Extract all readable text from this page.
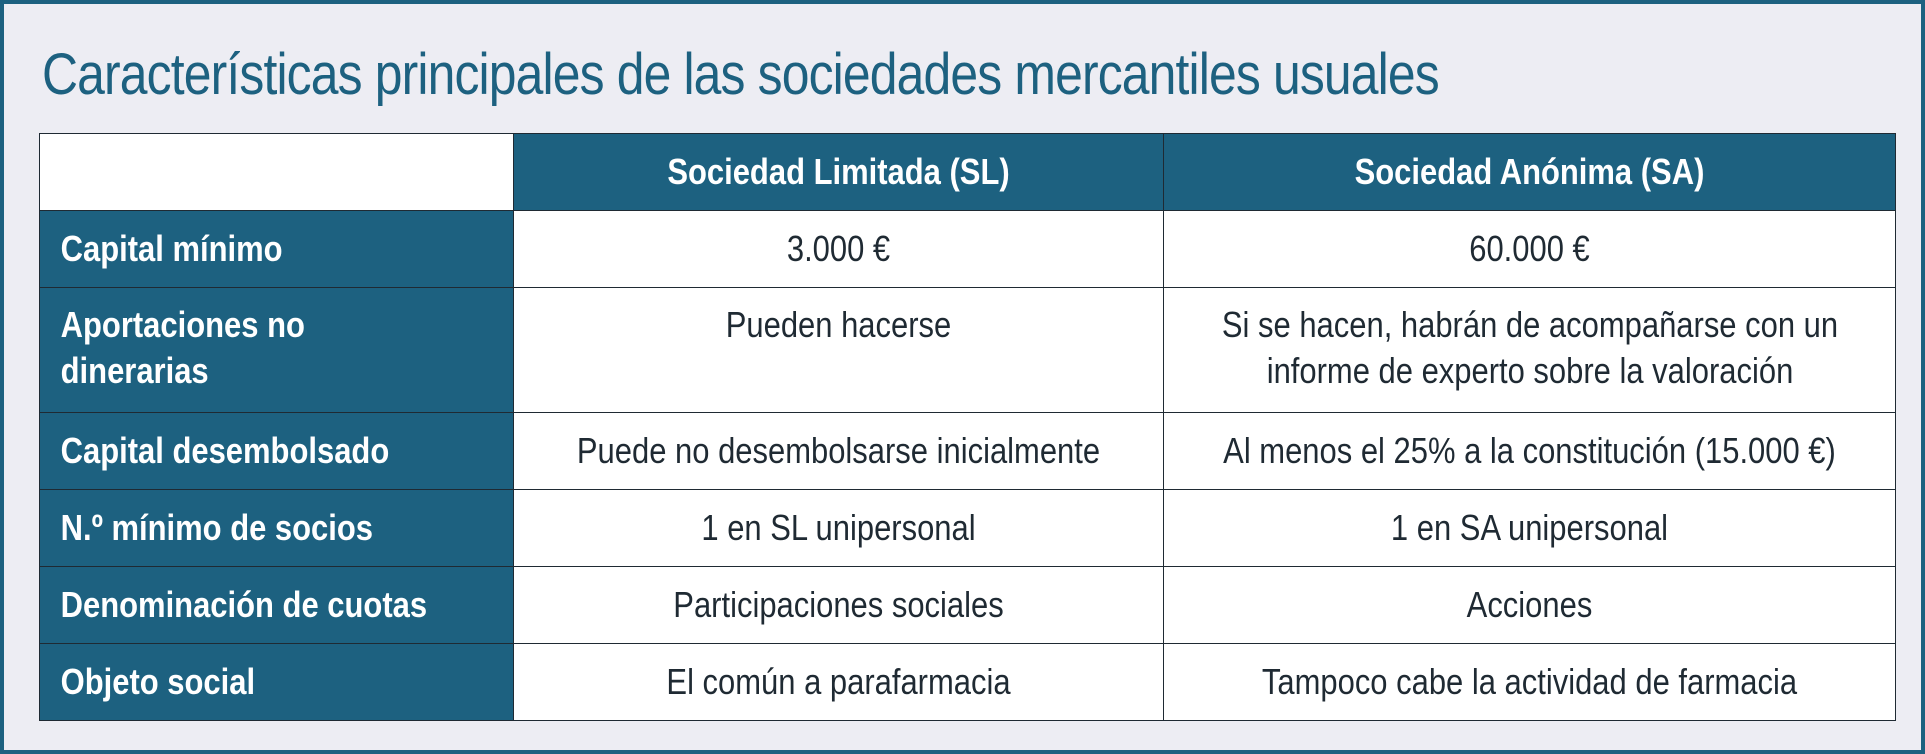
Características principales de las sociedades mercantiles usuales

	Sociedad Limitada (SL)	Sociedad Anónima (SA)

Capital mínimo	3.000 €	60.000 €

Aportaciones no dinerarias	Pueden hacerse	Si se hacen, habrán de acompañarse con un informe de experto sobre la valoración

Capital desembolsado	Puede no desembolsarse inicialmente	Al menos el 25% a la constitución (15.000 €)

N.º mínimo de socios	1 en SL unipersonal	1 en SA unipersonal

Denominación de cuotas	Participaciones sociales	Acciones

Objeto social	El común a parafarmacia	Tampoco cabe la actividad de farmacia
